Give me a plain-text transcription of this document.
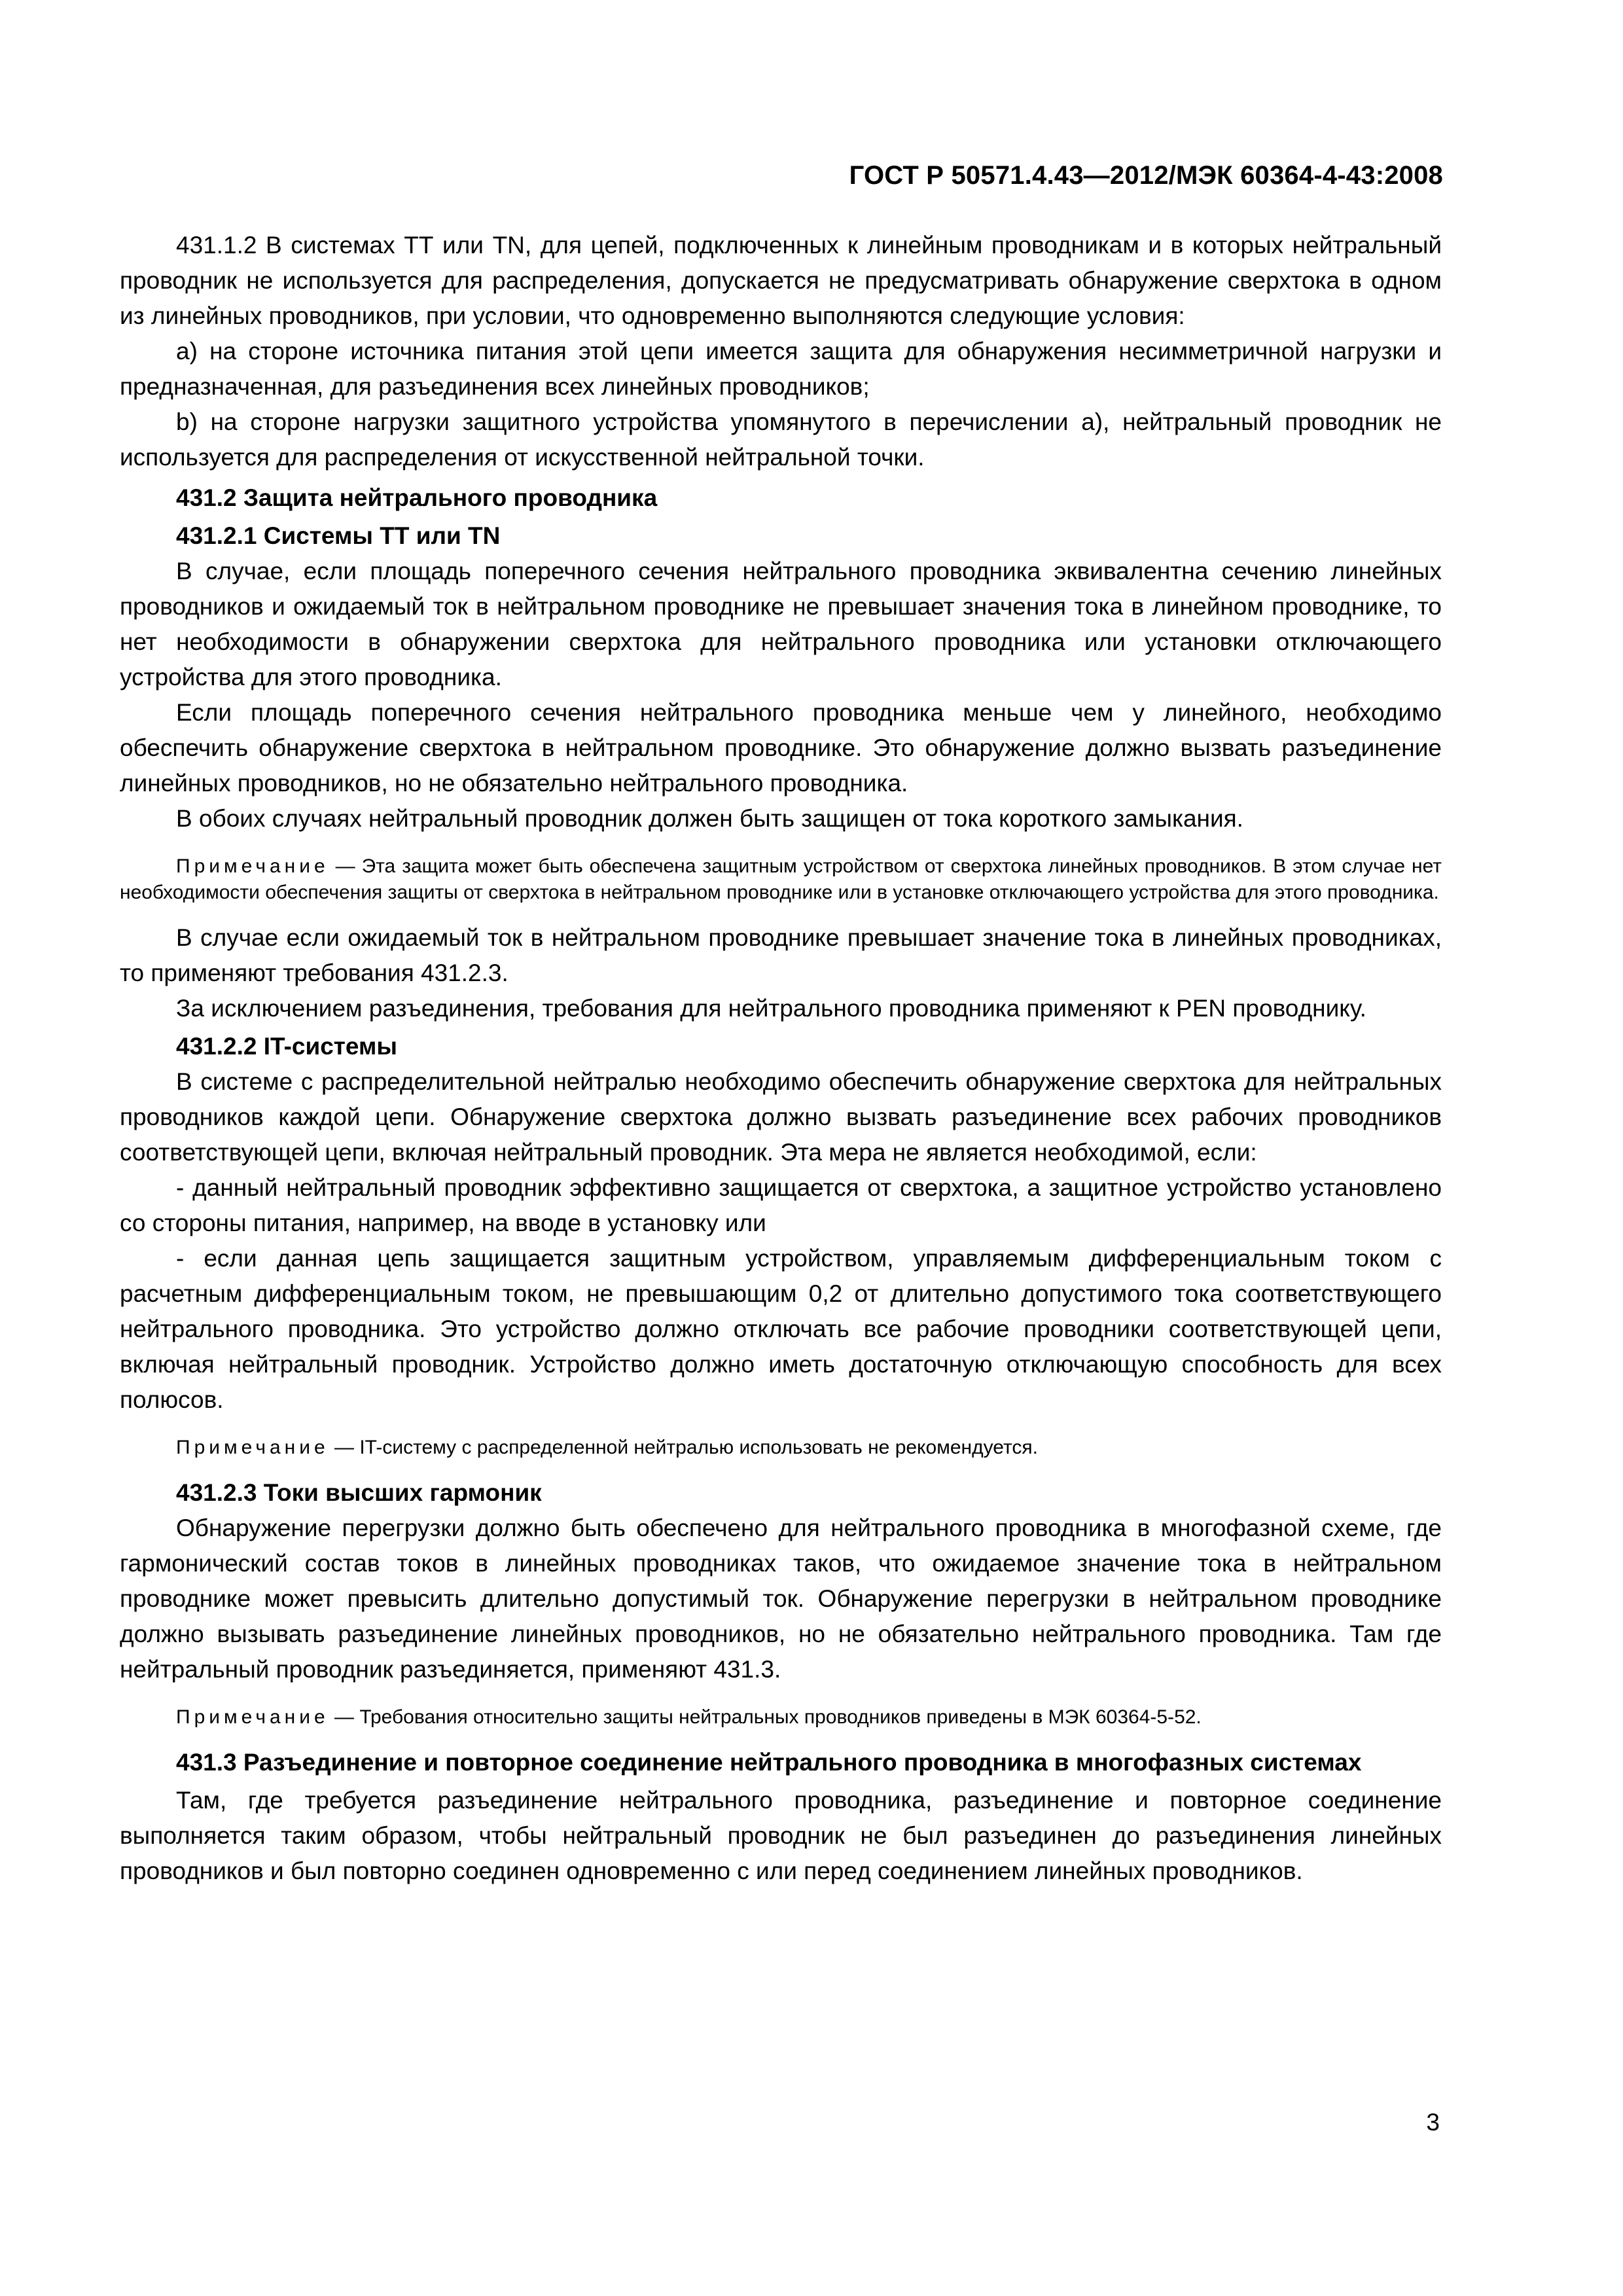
ГОСТ Р 50571.4.43—2012/МЭК 60364-4-43:2008

431.1.2 В системах ТТ или TN, для цепей, подключенных к линейным проводникам и в которых нейтральный проводник не используется для распределения, допускается не предусматривать обнаружение сверхтока в одном из линейных проводников, при условии, что одновременно выполняются следующие условия:

а) на стороне источника питания этой цепи имеется защита для обнаружения несимметричной нагрузки и предназначенная, для разъединения всех линейных проводников;

b) на стороне нагрузки защитного устройства упомянутого в перечислении а), нейтральный проводник не используется для распределения от искусственной нейтральной точки.

431.2 Защита нейтрального проводника

431.2.1 Системы ТТ или TN

В случае, если площадь поперечного сечения нейтрального проводника эквивалентна сечению линейных проводников и ожидаемый ток в нейтральном проводнике не превышает значения тока в линейном проводнике, то нет необходимости в обнаружении сверхтока для нейтрального проводника или установки отключающего устройства для этого проводника.

Если площадь поперечного сечения нейтрального проводника меньше чем у линейного, необходимо обеспечить обнаружение сверхтока в нейтральном проводнике. Это обнаружение должно вызвать разъединение линейных проводников, но не обязательно нейтрального проводника.

В обоих случаях нейтральный проводник должен быть защищен от тока короткого замыкания.

Примечание — Эта защита может быть обеспечена защитным устройством от сверхтока линейных проводников. В этом случае нет необходимости обеспечения защиты от сверхтока в нейтральном проводнике или в установке отключающего устройства для этого проводника.

В случае если ожидаемый ток в нейтральном проводнике превышает значение тока в линейных проводниках, то применяют требования 431.2.3.

За исключением разъединения, требования для нейтрального проводника применяют к PEN проводнику.

431.2.2 IT-системы

В системе с распределительной нейтралью необходимо обеспечить обнаружение сверхтока для нейтральных проводников каждой цепи. Обнаружение сверхтока должно вызвать разъединение всех рабочих проводников соответствующей цепи, включая нейтральный проводник. Эта мера не является необходимой, если:

- данный нейтральный проводник эффективно защищается от сверхтока, а защитное устройство установлено со стороны питания, например, на вводе в установку или

- если данная цепь защищается защитным устройством, управляемым дифференциальным током с расчетным дифференциальным током, не превышающим 0,2 от длительно допустимого тока соответствующего нейтрального проводника. Это устройство должно отключать все рабочие проводники соответствующей цепи, включая нейтральный проводник. Устройство должно иметь достаточную отключающую способность для всех полюсов.

Примечание — IT-систему с распределенной нейтралью использовать не рекомендуется.

431.2.3 Токи высших гармоник

Обнаружение перегрузки должно быть обеспечено для нейтрального проводника в многофазной схеме, где гармонический состав токов в линейных проводниках таков, что ожидаемое значение тока в нейтральном проводнике может превысить длительно допустимый ток. Обнаружение перегрузки в нейтральном проводнике должно вызывать разъединение линейных проводников, но не обязательно нейтрального проводника. Там где нейтральный проводник разъединяется, применяют 431.3.

Примечание — Требования относительно защиты нейтральных проводников приведены в МЭК 60364-5-52.

431.3 Разъединение и повторное соединение нейтрального проводника в многофазных системах

Там, где требуется разъединение нейтрального проводника, разъединение и повторное соединение выполняется таким образом, чтобы нейтральный проводник не был разъединен до разъединения линейных проводников и был повторно соединен одновременно с или перед соединением линейных проводников.

3
